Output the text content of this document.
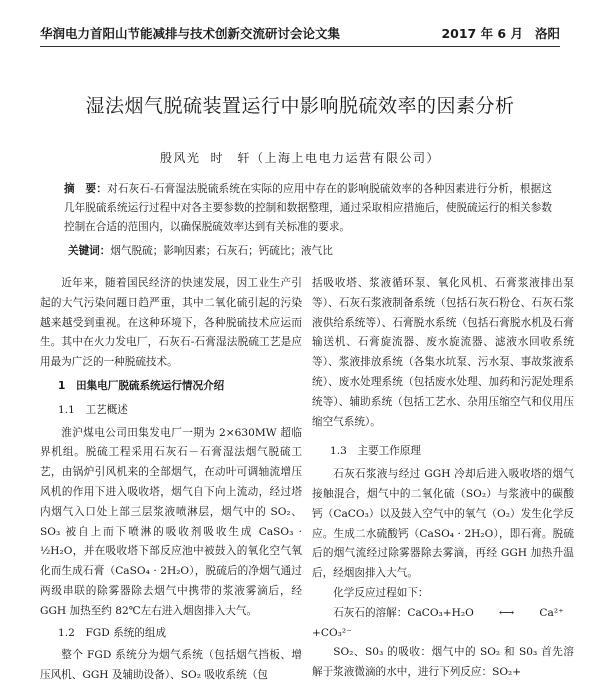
华润电力首阳山节能减排与技术创新交流研讨会论文集	2017 年 6 月 洛阳
湿法烟气脱硫装置运行中影响脱硫效率的因素分析
殷风光 时　轩（上海上电电力运营有限公司）

摘　要：对石灰石-石膏湿法脱硫系统在实际的应用中存在的影响脱硫效率的各种因素进行分析，根据这几年脱硫系统运行过程中对各主要参数的控制和数据整理，通过采取相应措施后，使脱硫运行的相关参数控制在合适的范围内，以确保脱硫效率达到有关标准的要求。

关键词：烟气脱硫；影响因素；石灰石；钙硫比；液气比

近年来，随着国民经济的快速发展，因工业生产引起的大气污染问题日趋严重，其中二氧化硫引起的污染越来越受到重视。在这种环境下，各种脱硫技术应运而生。其中在火力发电厂，石灰石-石膏湿法脱硫工艺是应用最为广泛的一种脱硫技术。

1　田集电厂脱硫系统运行情况介绍

1.1　工艺概述

淮沪煤电公司田集发电厂一期为 2×630MW 超临界机组。脱硫工程采用石灰石－石膏湿法烟气脱硫工艺，由锅炉引风机来的全部烟气，在动叶可调轴流增压风机的作用下进入吸收塔，烟气自下向上流动，经过塔内烟气入口处上部三层浆液喷淋层，烟气中的 SO₂、SO₃ 被自上而下喷淋的吸收剂吸收生成 CaSO₃ · ½H₂O，并在吸收塔下部反应池中被鼓入的氧化空气氧化而生成石膏（CaSO₄ · 2H₂O），脱硫后的净烟气通过两级串联的除雾器除去烟气中携带的浆液雾滴后，经 GGH 加热至约 82℃左右进入烟囱排入大气。

1.2　FGD 系统的组成

整个 FGD 系统分为烟气系统（包括烟气挡板、增压风机、GGH 及辅助设备）、SO₂ 吸收系统（包

括吸收塔、浆液循环泵、氧化风机、石膏浆液排出泵等）、石灰石浆液制备系统（包括石灰石粉仓、石灰石浆液供给系统等）、石膏脱水系统（包括石膏脱水机及石膏输送机、石膏旋流器、废水旋流器、滤液水回收系统等）、浆液排放系统（各集水坑泵、污水泵、事故浆液系统）、废水处理系统（包括废水处理、加药和污泥处理系统等）、辅助系统（包括工艺水、杂用压缩空气和仪用压缩空气系统）。

1.3　主要工作原理

石灰石浆液与经过 GGH 冷却后进入吸收塔的烟气接触混合，烟气中的二氧化硫（SO₂）与浆液中的碳酸钙（CaCO₃）以及鼓入空气中的氧气（O₂）发生化学反应。生成二水硫酸钙（CaSO₄ · 2H₂O），即石膏。脱硫后的烟气流经过除雾器除去雾滴，再经 GGH 加热升温后，经烟囱排入大气。

化学反应过程如下：

石灰石的溶解：CaCO₃+H₂O	⟷	Ca²⁺

+CO₃²⁻

SO₂、S0₃ 的吸收：烟气中的 SO₂ 和 S0₃ 首先溶解于浆液微滴的水中，进行下列反应：SO₂+
